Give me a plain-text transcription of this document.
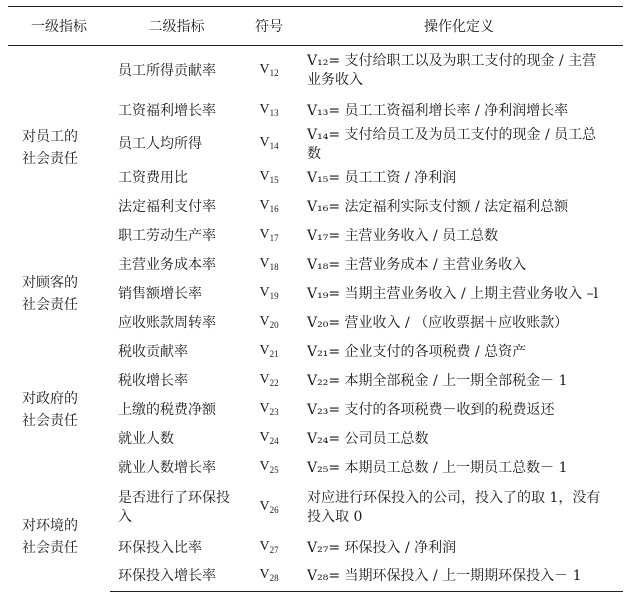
一级指标	二级指标	符号	操作化定义

对员工的
社会责任	员工所得贡献率	$V_{12}$	V₁₂= 支付给职工以及为职工支付的现金 / 主营业务收入
	工资福利增长率	$V_{13}$	V₁₃= 员工工资福利增长率 / 净利润增长率
	员工人均所得	$V_{14}$	V₁₄= 支付给员工及为员工支付的现金 / 员工总数
	工资费用比	$V_{15}$	V₁₅= 员工工资 / 净利润
	法定福利支付率	$V_{16}$	V₁₆= 法定福利实际支付额 / 法定福利总额
	职工劳动生产率	$V_{17}$	V₁₇= 主营业务收入 / 员工总数

对顾客的
社会责任	主营业务成本率	$V_{18}$	V₁₈= 主营业务成本 / 主营业务收入
	销售额增长率	$V_{19}$	V₁₉= 当期主营业务收入 / 上期主营业务收入 –l
	应收账款周转率	$V_{20}$	V₂₀= 营业收入 / （应收票据＋应收账款）

对政府的
社会责任	税收贡献率	$V_{21}$	V₂₁= 企业支付的各项税费 / 总资产
	税收增长率	$V_{22}$	V₂₂= 本期全部税金 / 上一期全部税金－ 1
	上缴的税费净额	$V_{23}$	V₂₃= 支付的各项税费－收到的税费返还
	就业人数	$V_{24}$	V₂₄= 公司员工总数
	就业人数增长率	$V_{25}$	V₂₅= 本期员工总数 / 上一期员工总数－ 1

对环境的
社会责任	是否进行了环保投入	$V_{26}$	对应进行环保投入的公司，投入了的取 1，没有投入取 0
	环保投入比率	$V_{27}$	V₂₇= 环保投入 / 净利润
	环保投入增长率	$V_{28}$	V₂₈= 当期环保投入 / 上一期期环保投入－ 1
